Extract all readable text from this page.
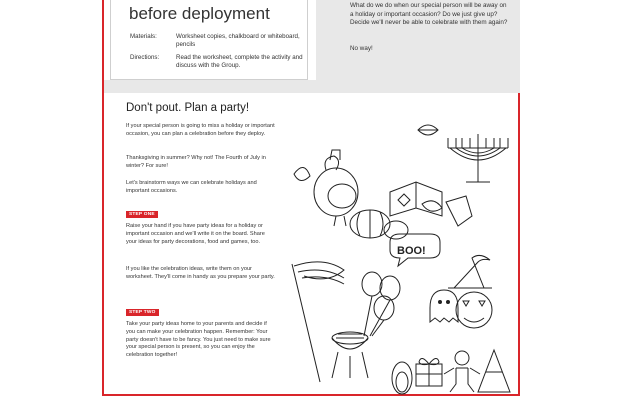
before deployment
Materials:	Worksheet copies, chalkboard or whiteboard, pencils
Directions:	Read the worksheet, complete the activity and discuss with the Group.
What do we do when our special person will be away on a holiday or important occasion? Do we just give up? Decide we'll never be able to celebrate with them again?
No way!
Don't pout. Plan a party!
If your special person is going to miss a holiday or important occasion, you can plan a celebration before they deploy.
Thanksgiving in summer? Why not! The Fourth of July in winter? For sure!
Let's brainstorm ways we can celebrate holidays and important occasions.
STEP ONE
Raise your hand if you have party ideas for a holiday or important occasion and we'll write it on the board. Share your ideas for party decorations, food and games, too.
If you like the celebration ideas, write them on your worksheet. They'll come in handy as you prepare your party.
STEP TWO
Take your party ideas home to your parents and decide if you can make your celebration happen. Remember: Your party doesn't have to be fancy. You just need to make sure your special person is present, so you can enjoy the celebration together!
BOO!
